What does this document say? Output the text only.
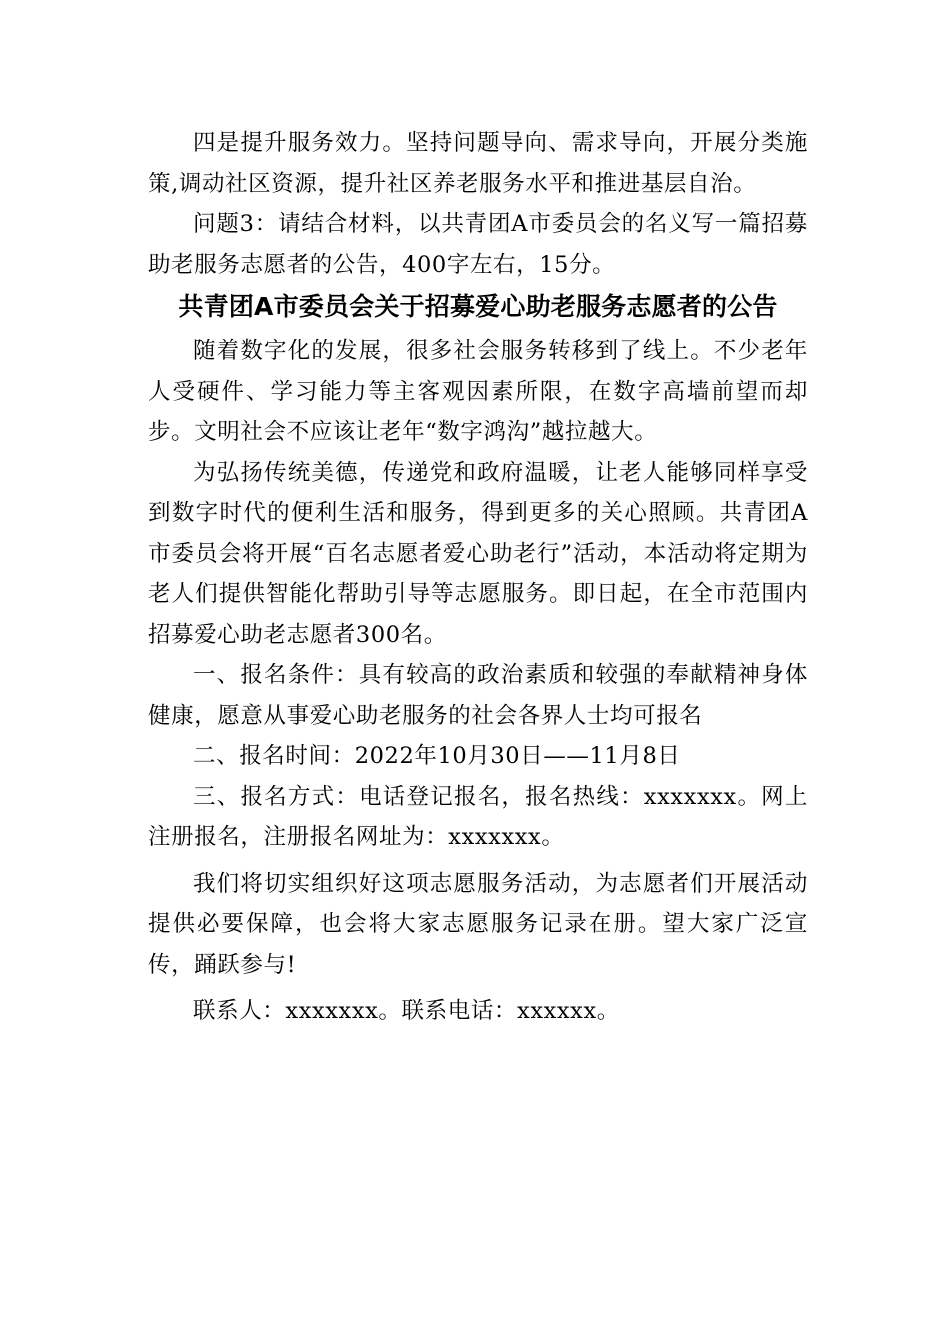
四是提升服务效力。坚持问题导向、需求导向，开展分类施策,调动社区资源，提升社区养老服务水平和推进基层自治。

问题3：请结合材料，以共青团A市委员会的名义写一篇招募助老服务志愿者的公告，400字左右，15分。

共青团A市委员会关于招募爱心助老服务志愿者的公告

随着数字化的发展，很多社会服务转移到了线上。不少老年人受硬件、学习能力等主客观因素所限，在数字高墙前望而却步。文明社会不应该让老年“数字鸿沟”越拉越大。

为弘扬传统美德，传递党和政府温暖，让老人能够同样享受到数字时代的便利生活和服务，得到更多的关心照顾。共青团A市委员会将开展“百名志愿者爱心助老行”活动，本活动将定期为老人们提供智能化帮助引导等志愿服务。即日起，在全市范围内招募爱心助老志愿者300名。

一、报名条件：具有较高的政治素质和较强的奉献精神身体健康，愿意从事爱心助老服务的社会各界人士均可报名

二、报名时间：2022年10月30日——11月8日

三、报名方式：电话登记报名，报名热线：xxxxxxx。网上注册报名，注册报名网址为：xxxxxxx。

我们将切实组织好这项志愿服务活动，为志愿者们开展活动提供必要保障，也会将大家志愿服务记录在册。望大家广泛宣传，踊跃参与!

联系人：xxxxxxx。联系电话：xxxxxx。
